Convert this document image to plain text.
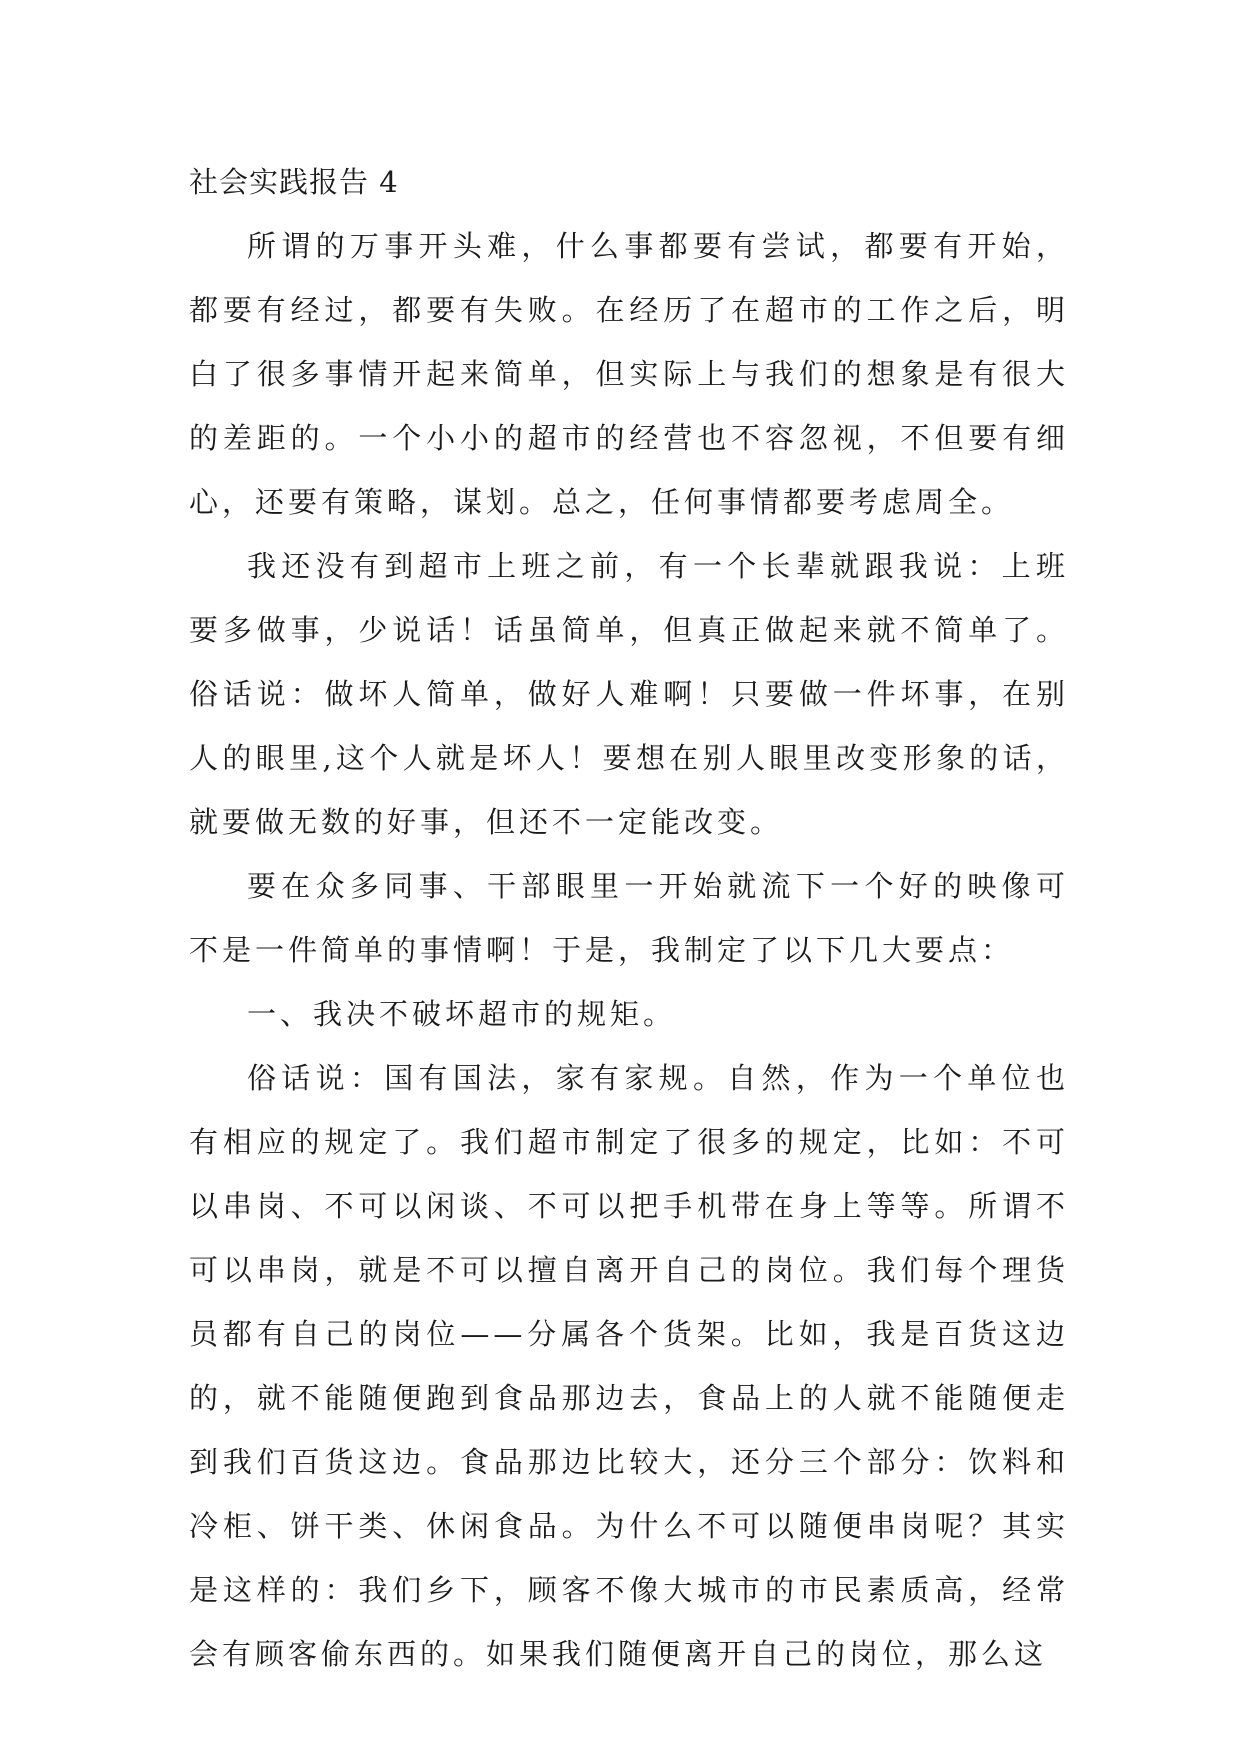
社会实践报告 4

所谓的万事开头难，什么事都要有尝试，都要有开始，都要有经过，都要有失败。在经历了在超市的工作之后，明白了很多事情开起来简单，但实际上与我们的想象是有很大的差距的。一个小小的超市的经营也不容忽视，不但要有细心，还要有策略，谋划。总之，任何事情都要考虑周全。

我还没有到超市上班之前，有一个长辈就跟我说：上班要多做事，少说话！话虽简单，但真正做起来就不简单了。俗话说：做坏人简单，做好人难啊！只要做一件坏事，在别人的眼里,这个人就是坏人！要想在别人眼里改变形象的话，就要做无数的好事，但还不一定能改变。

要在众多同事、干部眼里一开始就流下一个好的映像可不是一件简单的事情啊！于是，我制定了以下几大要点：

一、我决不破坏超市的规矩。

俗话说：国有国法，家有家规。自然，作为一个单位也有相应的规定了。我们超市制定了很多的规定，比如：不可以串岗、不可以闲谈、不可以把手机带在身上等等。所谓不可以串岗，就是不可以擅自离开自己的岗位。我们每个理货员都有自己的岗位——分属各个货架。比如，我是百货这边的，就不能随便跑到食品那边去，食品上的人就不能随便走到我们百货这边。食品那边比较大，还分三个部分：饮料和冷柜、饼干类、休闲食品。为什么不可以随便串岗呢？其实是这样的：我们乡下，顾客不像大城市的市民素质高，经常会有顾客偷东西的。如果我们随便离开自己的岗位，那么这
